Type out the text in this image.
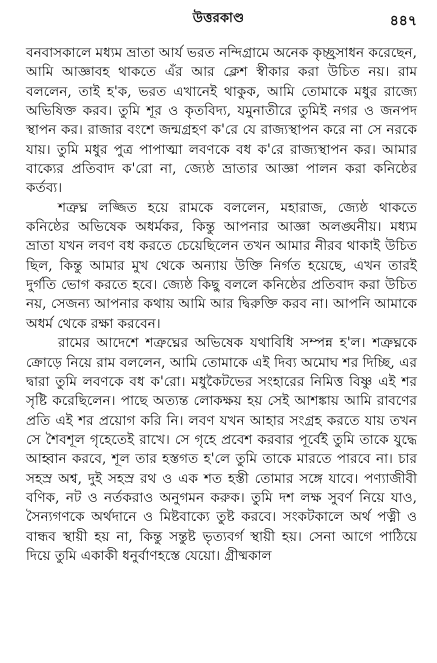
উত্তরকাণ্ড	৪৪৭

বনবাসকালে মধ্যম ভ্রাতা আর্য ভরত নন্দিগ্রামে অনেক কৃচ্ছ্রসাধন করেছেন, আমি আজ্ঞাবহ থাকতে এঁর আর ক্লেশ স্বীকার করা উচিত নয়। রাম বললেন, তাই হ'ক, ভরত এখানেই থাকুক, আমি তোমাকে মধুর রাজ্যে অভিষিক্ত করব। তুমি শূর ও কৃতবিদ্য, যমুনাতীরে তুমিই নগর ও জনপদ স্থাপন কর। রাজার বংশে জন্মগ্রহণ ক'রে যে রাজ্যস্থাপন করে না সে নরকে যায়। তুমি মধুর পুত্র পাপাত্মা লবণকে বধ ক'রে রাজ্যস্থাপন কর। আমার বাক্যের প্রতিবাদ ক'রো না, জ্যেষ্ঠ ভ্রাতার আজ্ঞা পালন করা কনিষ্ঠের কর্তব্য।

শত্রুঘ্ন লজ্জিত হয়ে রামকে বললেন, মহারাজ, জ্যেষ্ঠ থাকতে কনিষ্ঠের অভিষেক অধর্মকর, কিন্তু আপনার আজ্ঞা অলঙ্ঘনীয়। মধ্যম ভ্রাতা যখন লবণ বধ করতে চেয়েছিলেন তখন আমার নীরব থাকাই উচিত ছিল, কিন্তু আমার মুখ থেকে অন্যায় উক্তি নির্গত হয়েছে, এখন তারই দুর্গতি ভোগ করতে হবে। জ্যেষ্ঠ কিছু বললে কনিষ্ঠের প্রতিবাদ করা উচিত নয়, সেজন্য আপনার কথায় আমি আর দ্বিরুক্তি করব না। আপনি আমাকে অধর্ম থেকে রক্ষা করবেন।

রামের আদেশে শত্রুঘ্নের অভিষেক যথাবিধি সম্পন্ন হ'ল। শত্রুঘ্নকে ক্রোড়ে নিয়ে রাম বললেন, আমি তোমাকে এই দিব্য অমোঘ শর দিচ্ছি, এর দ্বারা তুমি লবণকে বধ ক'রো। মধুকৈটভের সংহারের নিমিত্ত বিষ্ণু এই শর সৃষ্টি করেছিলেন। পাছে অত্যন্ত লোকক্ষয় হয় সেই আশঙ্কায় আমি রাবণের প্রতি এই শর প্রয়োগ করি নি। লবণ যখন আহার সংগ্রহ করতে যায় তখন সে শৈবশূল গৃহেতেই রাখে। সে গৃহে প্রবেশ করবার পূর্বেই তুমি তাকে যুদ্ধে আহ্বান করবে, শূল তার হস্তগত হ'লে তুমি তাকে মারতে পারবে না। চার সহস্র অশ্ব, দুই সহস্র রথ ও এক শত হস্তী তোমার সঙ্গে যাবে। পণ্যাজীবী বণিক, নট ও নর্তকরাও অনুগমন করুক। তুমি দশ লক্ষ সুবর্ণ নিয়ে যাও, সৈন্যগণকে অর্থদানে ও মিষ্টবাক্যে তুষ্ট করবে। সংকটকালে অর্থ পত্নী ও বান্ধব স্থায়ী হয় না, কিন্তু সন্তুষ্ট ভৃত্যবর্গ স্থায়ী হয়। সেনা আগে পাঠিয়ে দিয়ে তুমি একাকী ধনুর্বাণহস্তে যেয়ো। গ্রীষ্মকাল
